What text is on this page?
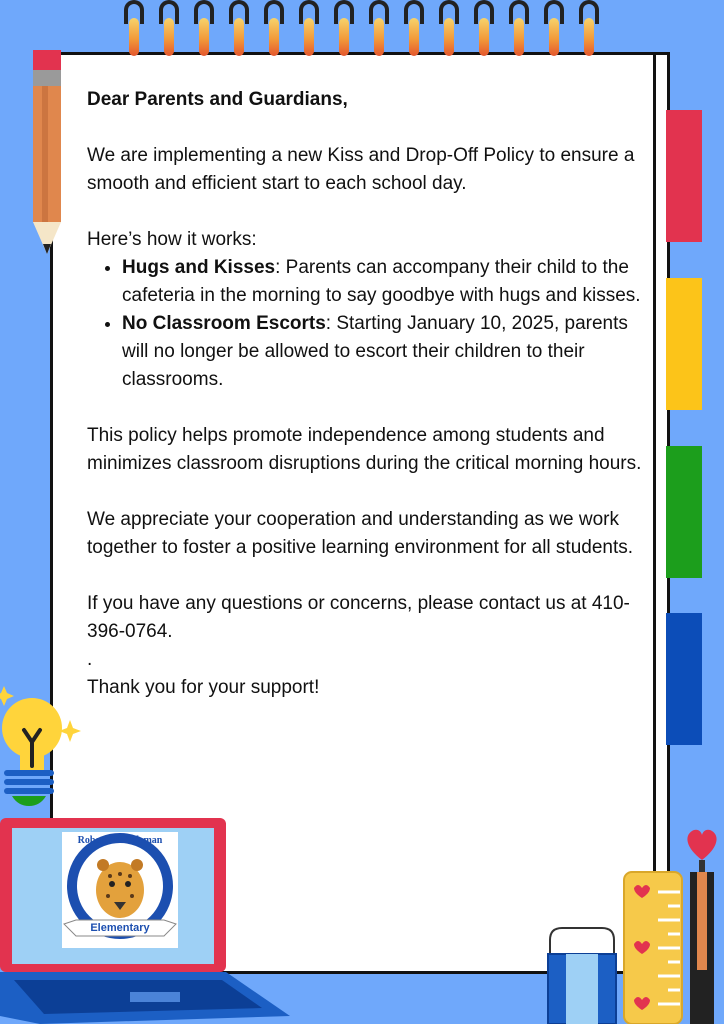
Robert W. Coleman
Elementary

Dear Parents and Guardians,

We are implementing a new Kiss and Drop-Off Policy to ensure a smooth and efficient start to each school day.

Here’s how it works:

• Hugs and Kisses: Parents can accompany their child to the cafeteria in the morning to say goodbye with hugs and kisses.
• No Classroom Escorts: Starting January 10, 2025, parents will no longer be allowed to escort their children to their classrooms.

This policy helps promote independence among students and minimizes classroom disruptions during the critical morning hours.

We appreciate your cooperation and understanding as we work together to foster a positive learning environment for all students.

If you have any questions or concerns, please contact us at 410-396-0764.

.

Thank you for your support!
